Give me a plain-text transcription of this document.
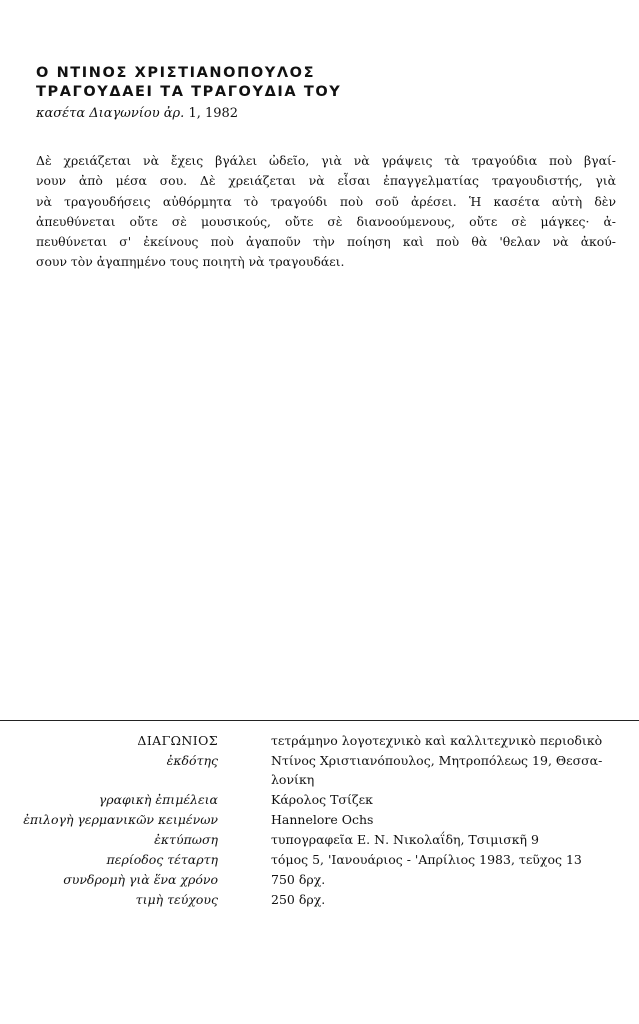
Ο ΝΤΙΝΟΣ ΧΡΙΣΤΙΑΝΟΠΟΥΛΟΣ
ΤΡΑΓΟΥΔΑΕΙ ΤΑ ΤΡΑΓΟΥΔΙΑ ΤΟΥ
κασέτα Διαγωνίου ἀρ. 1, 1982
Δὲ χρειάζεται νὰ ἔχεις βγάλει ὠδεῖο, γιὰ νὰ γράψεις τὰ τραγούδια ποὺ βγαί-
νουν ἀπὸ μέσα σου. Δὲ χρειάζεται νὰ εἶσαι ἐπαγγελματίας τραγουδιστής, γιὰ
νὰ τραγουδήσεις αὐθόρμητα τὸ τραγούδι ποὺ σοῦ ἀρέσει. Ἡ κασέτα αὐτὴ δὲν
ἀπευθύνεται οὔτε σὲ μουσικούς, οὔτε σὲ διανοούμενους, οὔτε σὲ μάγκες· ἀ-
πευθύνεται σ' ἐκείνους ποὺ ἀγαποῦν τὴν ποίηση καὶ ποὺ θὰ 'θελαν νὰ ἀκού-
σουν τὸν ἀγαπημένο τους ποιητὴ νὰ τραγουδάει.
ΔΙΑΓΩΝΙΟΣ	τετράμηνο λογοτεχνικὸ καὶ καλλιτεχνικὸ περιοδικὸ
ἐκδότης	Ντίνος Χριστιανόπουλος, Μητροπόλεως 19, Θεσσα-
λονίκη
γραφικὴ ἐπιμέλεια	Κάρολος Τσίζεκ
ἐπιλογὴ γερμανικῶν κειμένων	Hannelore Ochs
ἐκτύπωση	τυπογραφεῖα Ε. Ν. Νικολαΐδη, Τσιμισκῆ 9
περίοδος τέταρτη	τόμος 5, 'Ιανουάριος - 'Απρίλιος 1983, τεῦχος 13
συνδρομὴ γιὰ ἕνα χρόνο	750 δρχ.
τιμὴ τεύχους	250 δρχ.
